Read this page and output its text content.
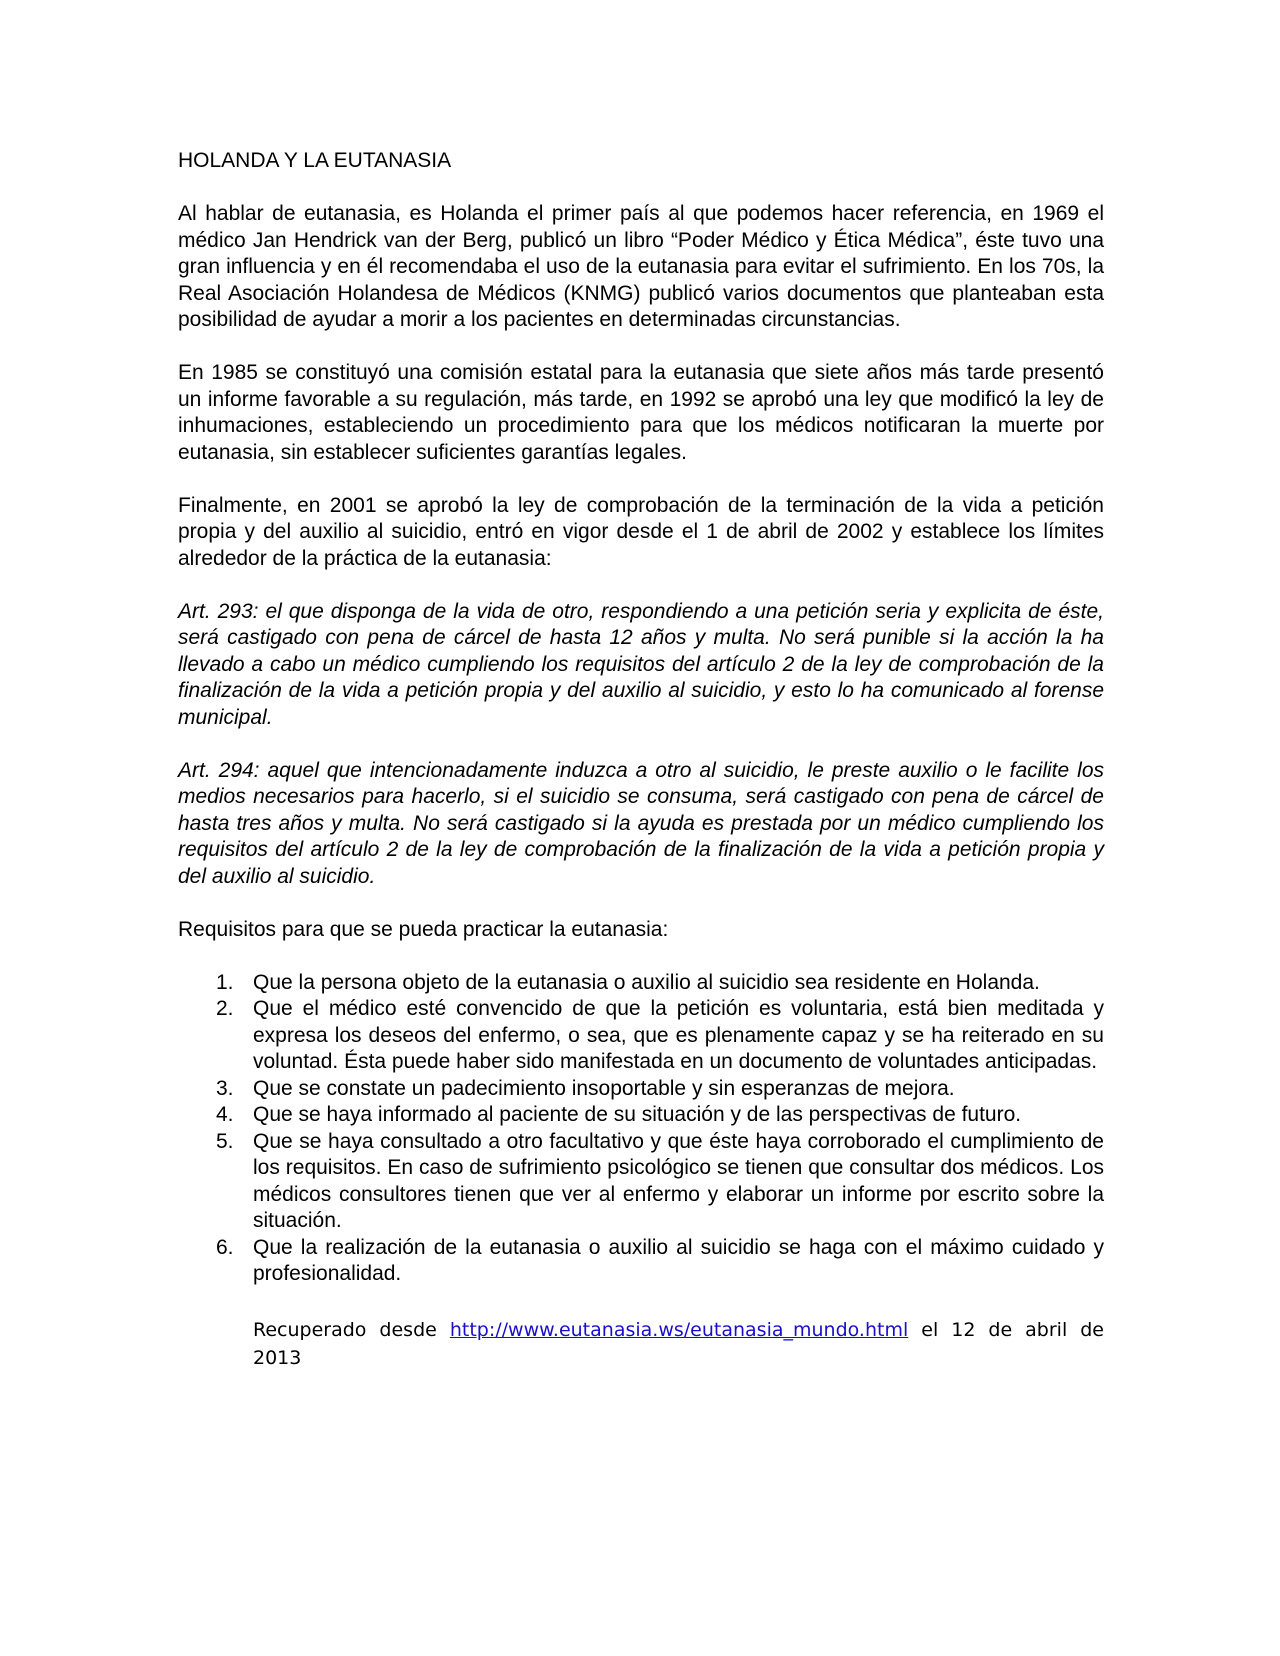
HOLANDA Y LA EUTANASIA

Al hablar de eutanasia, es Holanda el primer país al que podemos hacer referencia, en 1969 el médico Jan Hendrick van der Berg, publicó un libro “Poder Médico y Ética Médica”, éste tuvo una gran influencia y en él recomendaba el uso de la eutanasia para evitar el sufrimiento. En los 70s, la Real Asociación Holandesa de Médicos (KNMG) publicó varios documentos que planteaban esta posibilidad de ayudar a morir a los pacientes en determinadas circunstancias.

En 1985 se constituyó una comisión estatal para la eutanasia que siete años más tarde presentó un informe favorable a su regulación, más tarde, en 1992 se aprobó una ley que modificó la ley de inhumaciones, estableciendo un procedimiento para que los médicos notificaran la muerte por eutanasia, sin establecer suficientes garantías legales.

Finalmente, en 2001 se aprobó la ley de comprobación de la terminación de la vida a petición propia y del auxilio al suicidio, entró en vigor desde el 1 de abril de 2002 y establece los límites alrededor de la práctica de la eutanasia:

Art. 293: el que disponga de la vida de otro, respondiendo a una petición seria y explicita de éste, será castigado con pena de cárcel de hasta 12 años y multa. No será punible si la acción la ha llevado a cabo un médico cumpliendo los requisitos del artículo 2 de la ley de comprobación de la finalización de la vida a petición propia y del auxilio al suicidio, y esto lo ha comunicado al forense municipal.

Art. 294: aquel que intencionadamente induzca a otro al suicidio, le preste auxilio o le facilite los medios necesarios para hacerlo, si el suicidio se consuma, será castigado con pena de cárcel de hasta tres años y multa. No será castigado si la ayuda es prestada por un médico cumpliendo los requisitos del artículo 2 de la ley de comprobación de la finalización de la vida a petición propia y del auxilio al suicidio.

Requisitos para que se pueda practicar la eutanasia:

1. Que la persona objeto de la eutanasia o auxilio al suicidio sea residente en Holanda.
2. Que el médico esté convencido de que la petición es voluntaria, está bien meditada y expresa los deseos del enfermo, o sea, que es plenamente capaz y se ha reiterado en su voluntad. Ésta puede haber sido manifestada en un documento de voluntades anticipadas.
3. Que se constate un padecimiento insoportable y sin esperanzas de mejora.
4. Que se haya informado al paciente de su situación y de las perspectivas de futuro.
5. Que se haya consultado a otro facultativo y que éste haya corroborado el cumplimiento de los requisitos. En caso de sufrimiento psicológico se tienen que consultar dos médicos. Los médicos consultores tienen que ver al enfermo y elaborar un informe por escrito sobre la situación.
6. Que la realización de la eutanasia o auxilio al suicidio se haga con el máximo cuidado y profesionalidad.
Recuperado desde http://www.eutanasia.ws/eutanasia_mundo.html el 12 de abril de 2013
